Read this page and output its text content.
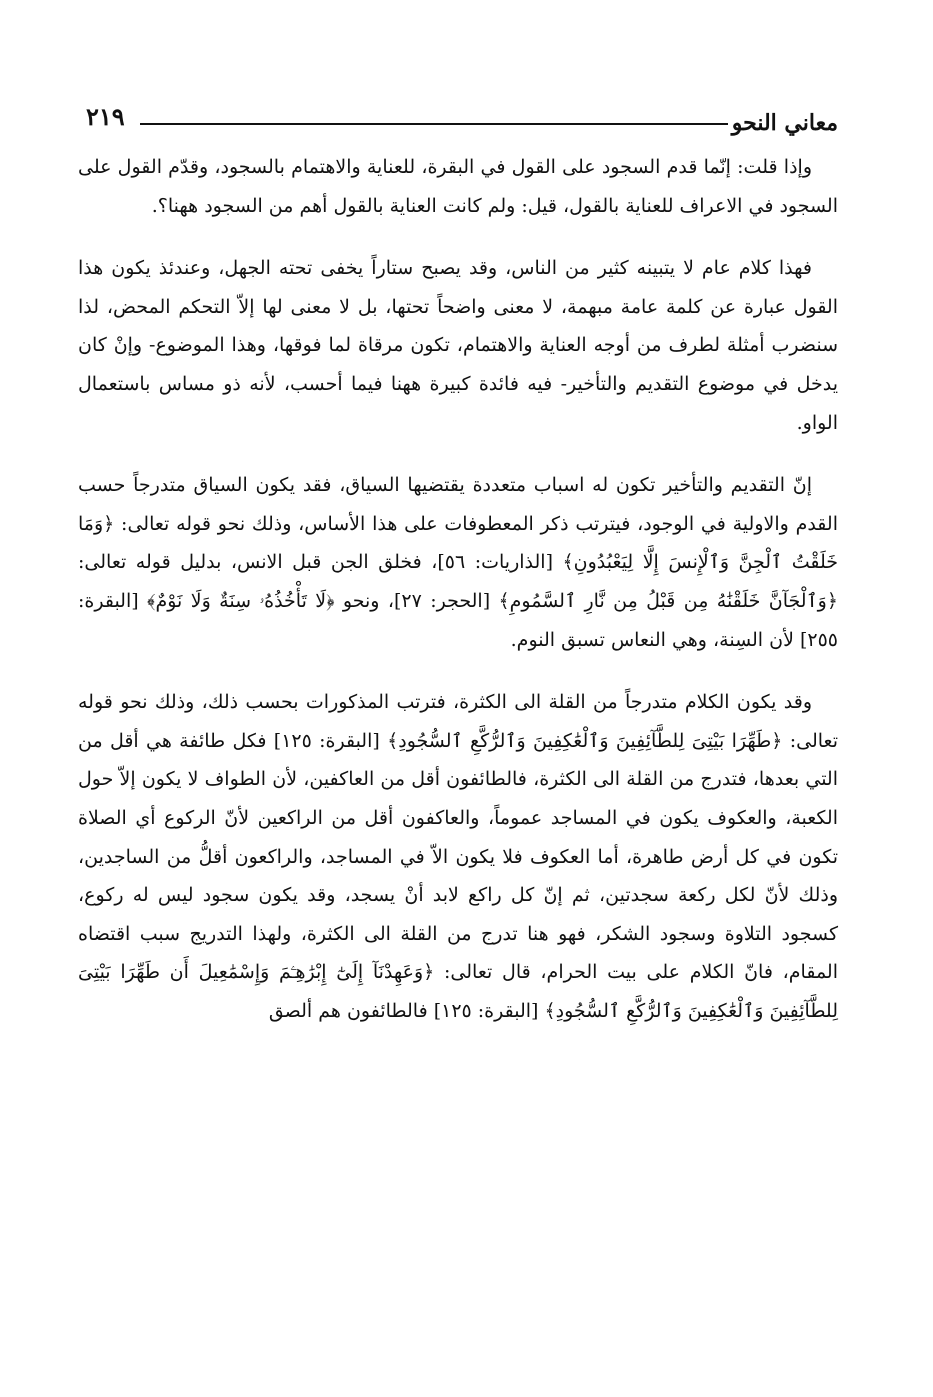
٢١٩	معاني النحو

وإذا قلت: إنّما قدم السجود على القول في البقرة، للعناية والاهتمام بالسجود، وقدّم القول على السجود في الاعراف للعناية بالقول، قيل: ولم كانت العناية بالقول أهم من السجود ههنا؟.

فهذا كلام عام لا يتبينه كثير من الناس، وقد يصبح ستاراً يخفى تحته الجهل، وعندئذ يكون هذا القول عبارة عن كلمة عامة مبهمة، لا معنى واضحاً تحتها، بل لا معنى لها إلاّ التحكم المحض، لذا سنضرب أمثلة لطرف من أوجه العناية والاهتمام، تكون مرقاة لما فوقها، وهذا الموضوع- وإنْ كان يدخل في موضوع التقديم والتأخير- فيه فائدة كبيرة ههنا فيما أحسب، لأنه ذو مساس باستعمال الواو.

إنّ التقديم والتأخير تكون له اسباب متعددة يقتضيها السياق، فقد يكون السياق متدرجاً حسب القدم والاولية في الوجود، فيترتب ذكر المعطوفات على هذا الأساس، وذلك نحو قوله تعالى: ﴿وَمَا خَلَقْتُ ٱلْجِنَّ وَٱلْإِنسَ إِلَّا لِيَعْبُدُونِ﴾ [الذاريات: ٥٦]، فخلق الجن قبل الانس، بدليل قوله تعالى: ﴿وَٱلْجَآنَّ خَلَقْنَٰهُ مِن قَبْلُ مِن نَّارِ ٱلسَّمُومِ﴾ [الحجر: ٢٧]، ونحو ﴿لَا تَأْخُذُهُۥ سِنَةٌ وَلَا نَوْمٌ﴾ [البقرة: ٢٥٥] لأن السِنة، وهي النعاس تسبق النوم.

وقد يكون الكلام متدرجاً من القلة الى الكثرة، فترتب المذكورات بحسب ذلك، وذلك نحو قوله تعالى: ﴿طَهِّرَا بَيْتِىَ لِلطَّآئِفِينَ وَٱلْعَٰكِفِينَ وَٱلرُّكَّعِ ٱلسُّجُودِ﴾ [البقرة: ١٢٥] فكل طائفة هي أقل من التي بعدها، فتدرج من القلة الى الكثرة، فالطائفون أقل من العاكفين، لأن الطواف لا يكون إلاّ حول الكعبة، والعكوف يكون في المساجد عموماً، والعاكفون أقل من الراكعين لأنّ الركوع أي الصلاة تكون في كل أرض طاهرة، أما العكوف فلا يكون الاّ في المساجد، والراكعون أقلُّ من الساجدين، وذلك لأنّ لكل ركعة سجدتين، ثم إنّ كل راكع لابد أنْ يسجد، وقد يكون سجود ليس له ركوع، كسجود التلاوة وسجود الشكر، فهو هنا تدرج من القلة الى الكثرة، ولهذا التدريج سبب اقتضاه المقام، فانّ الكلام على بيت الحرام، قال تعالى: ﴿وَعَهِدْنَآ إِلَىٰٓ إِبْرَٰهِـۧمَ وَإِسْمَٰعِيلَ أَن طَهِّرَا بَيْتِىَ لِلطَّآئِفِينَ وَٱلْعَٰكِفِينَ وَٱلرُّكَّعِ ٱلسُّجُودِ﴾ [البقرة: ١٢٥] فالطائفون هم ألصق
